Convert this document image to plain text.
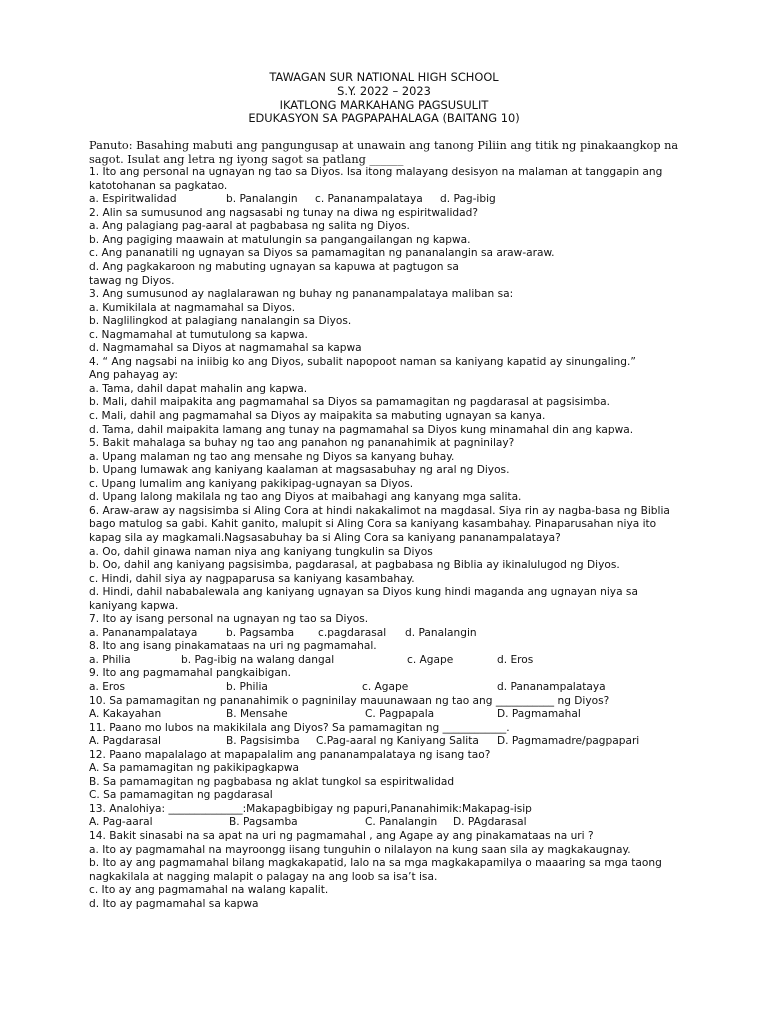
TAWAGAN SUR NATIONAL HIGH SCHOOL
S.Y. 2022 – 2023
IKATLONG MARKAHANG PAGSUSULIT
EDUKASYON SA PAGPAPAHALAGA (BAITANG 10)
Panuto: Basahing mabuti ang pangungusap at unawain ang tanong Piliin ang titik ng pinakaangkop na sagot. Isulat ang letra ng iyong sagot sa patlang ______
1. Ito ang personal na ugnayan ng tao sa Diyos. Isa itong malayang desisyon na malaman at tanggapin ang katotohanan sa pagkatao.
a. Espiritwalidad	b. Panalangin c. Pananampalataya d. Pag-ibig
2. Alin sa sumusunod ang nagsasabi ng tunay na diwa ng espiritwalidad?
a. Ang palagiang pag-aaral at pagbabasa ng salita ng Diyos.
b. Ang pagiging maawain at matulungin sa pangangailangan ng kapwa.
c. Ang pananatili ng ugnayan sa Diyos sa pamamagitan ng pananalangin sa araw-araw.
d. Ang pagkakaroon ng mabuting ugnayan sa kapuwa at pagtugon sa
tawag ng Diyos.
3. Ang sumusunod ay naglalarawan ng buhay ng pananampalataya maliban sa:
a. Kumikilala at nagmamahal sa Diyos.
b. Naglilingkod at palagiang nanalangin sa Diyos.
c. Nagmamahal at tumutulong sa kapwa.
d. Nagmamahal sa Diyos at nagmamahal sa kapwa
4. “ Ang nagsabi na iniibig ko ang Diyos, subalit napopoot naman sa kaniyang kapatid ay sinungaling.”
Ang pahayag ay:
a. Tama, dahil dapat mahalin ang kapwa.
b. Mali, dahil maipakita ang pagmamahal sa Diyos sa pamamagitan ng pagdarasal at pagsisimba.
c. Mali, dahil ang pagmamahal sa Diyos ay maipakita sa mabuting ugnayan sa kanya.
d. Tama, dahil maipakita lamang ang tunay na pagmamahal sa Diyos kung minamahal din ang kapwa.
5. Bakit mahalaga sa buhay ng tao ang panahon ng pananahimik at pagninilay?
a. Upang malaman ng tao ang mensahe ng Diyos sa kanyang buhay.
b. Upang lumawak ang kaniyang kaalaman at magsasabuhay ng aral ng Diyos.
c. Upang lumalim ang kaniyang pakikipag-ugnayan sa Diyos.
d. Upang lalong makilala ng tao ang Diyos at maibahagi ang kanyang mga salita.
6. Araw-araw ay nagsisimba si Aling Cora at hindi nakakalimot na magdasal. Siya rin ay nagba-basa ng Biblia bago matulog sa gabi. Kahit ganito, malupit si Aling Cora sa kaniyang kasambahay. Pinaparusahan niya ito kapag sila ay magkamali.Nagsasabuhay ba si Aling Cora sa kaniyang pananampalataya?
a. Oo, dahil ginawa naman niya ang kaniyang tungkulin sa Diyos
b. Oo, dahil ang kaniyang pagsisimba, pagdarasal, at pagbabasa ng Biblia ay ikinalulugod ng Diyos.
c. Hindi, dahil siya ay nagpaparusa sa kaniyang kasambahay.
d. Hindi, dahil nababalewala ang kaniyang ugnayan sa Diyos kung hindi maganda ang ugnayan niya sa kaniyang kapwa.
7. Ito ay isang personal na ugnayan ng tao sa Diyos.
a. Pananampalataya	b. Pagsamba c.pagdarasal d. Panalangin
8. Ito ang isang pinakamataas na uri ng pagmamahal.
a. Philia	b. Pag-ibig na walang dangal	c. Agape	d. Eros
9. Ito ang pagmamahal pangkaibigan.
a. Eros	b. Philia	c. Agape	d. Pananampalataya
10. Sa pamamagitan ng pananahimik o pagninilay mauunawaan ng tao ang ___________ ng Diyos?
A. Kakayahan	B. Mensahe	C. Pagpapala	D. Pagmamahal
11. Paano mo lubos na makikilala ang Diyos? Sa pamamagitan ng ____________.
A. Pagdarasal	B. Pagsisimba C.Pag-aaral ng Kaniyang Salita D. Pagmamadre/pagpapari
12. Paano mapalalago at mapapalalim ang pananampalataya ng isang tao?
A. Sa pamamagitan ng pakikipagkapwa
B. Sa pamamagitan ng pagbabasa ng aklat tungkol sa espiritwalidad
C. Sa pamamagitan ng pagdarasal
13. Analohiya: ______________:Makapagbibigay ng papuri,Pananahimik:Makapag-isip
A. Pag-aaral	B. Pagsamba	C. Panalangin D. PAgdarasal
14. Bakit sinasabi na sa apat na uri ng pagmamahal , ang Agape ay ang pinakamataas na uri ?
a. Ito ay pagmamahal na mayroongg iisang tunguhin o nilalayon na kung saan sila ay magkakaugnay.
b. Ito ay ang pagmamahal bilang magkakapatid, lalo na sa mga magkakapamilya o maaaring sa mga taong nagkakilala at nagging malapit o palagay na ang loob sa isa’t isa.
c. Ito ay ang pagmamahal na walang kapalit.
d. Ito ay pagmamahal sa kapwa
